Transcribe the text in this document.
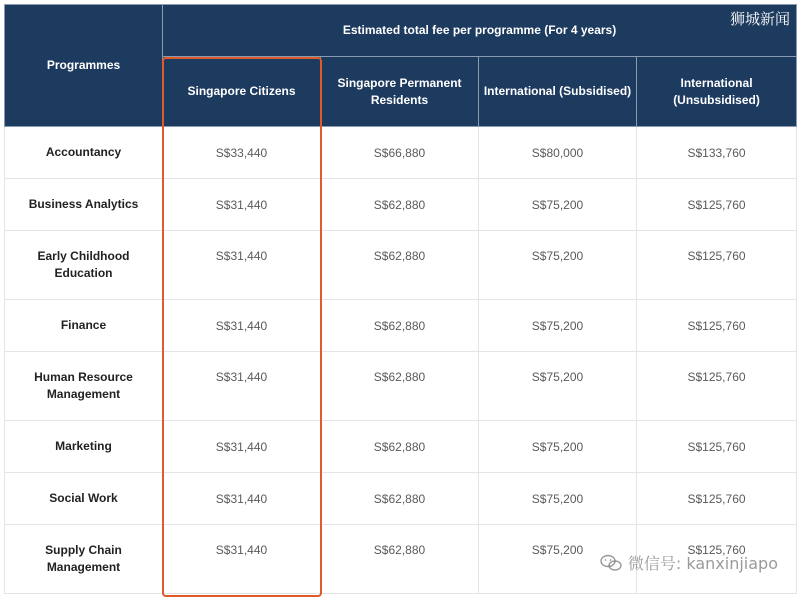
Programmes	Estimated total fee per programme (For 4 years)			
	Singapore Citizens	Singapore Permanent Residents	International (Subsidised)	International (Unsubsidised)
Accountancy	S$33,440	S$66,880	S$80,000	S$133,760
Business Analytics	S$31,440	S$62,880	S$75,200	S$125,760
Early Childhood Education	S$31,440	S$62,880	S$75,200	S$125,760
Finance	S$31,440	S$62,880	S$75,200	S$125,760
Human Resource Management	S$31,440	S$62,880	S$75,200	S$125,760
Marketing	S$31,440	S$62,880	S$75,200	S$125,760
Social Work	S$31,440	S$62,880	S$75,200	S$125,760
Supply Chain Management	S$31,440	S$62,880	S$75,200	S$125,760
狮城新闻
微信号: kanxinjiapo
